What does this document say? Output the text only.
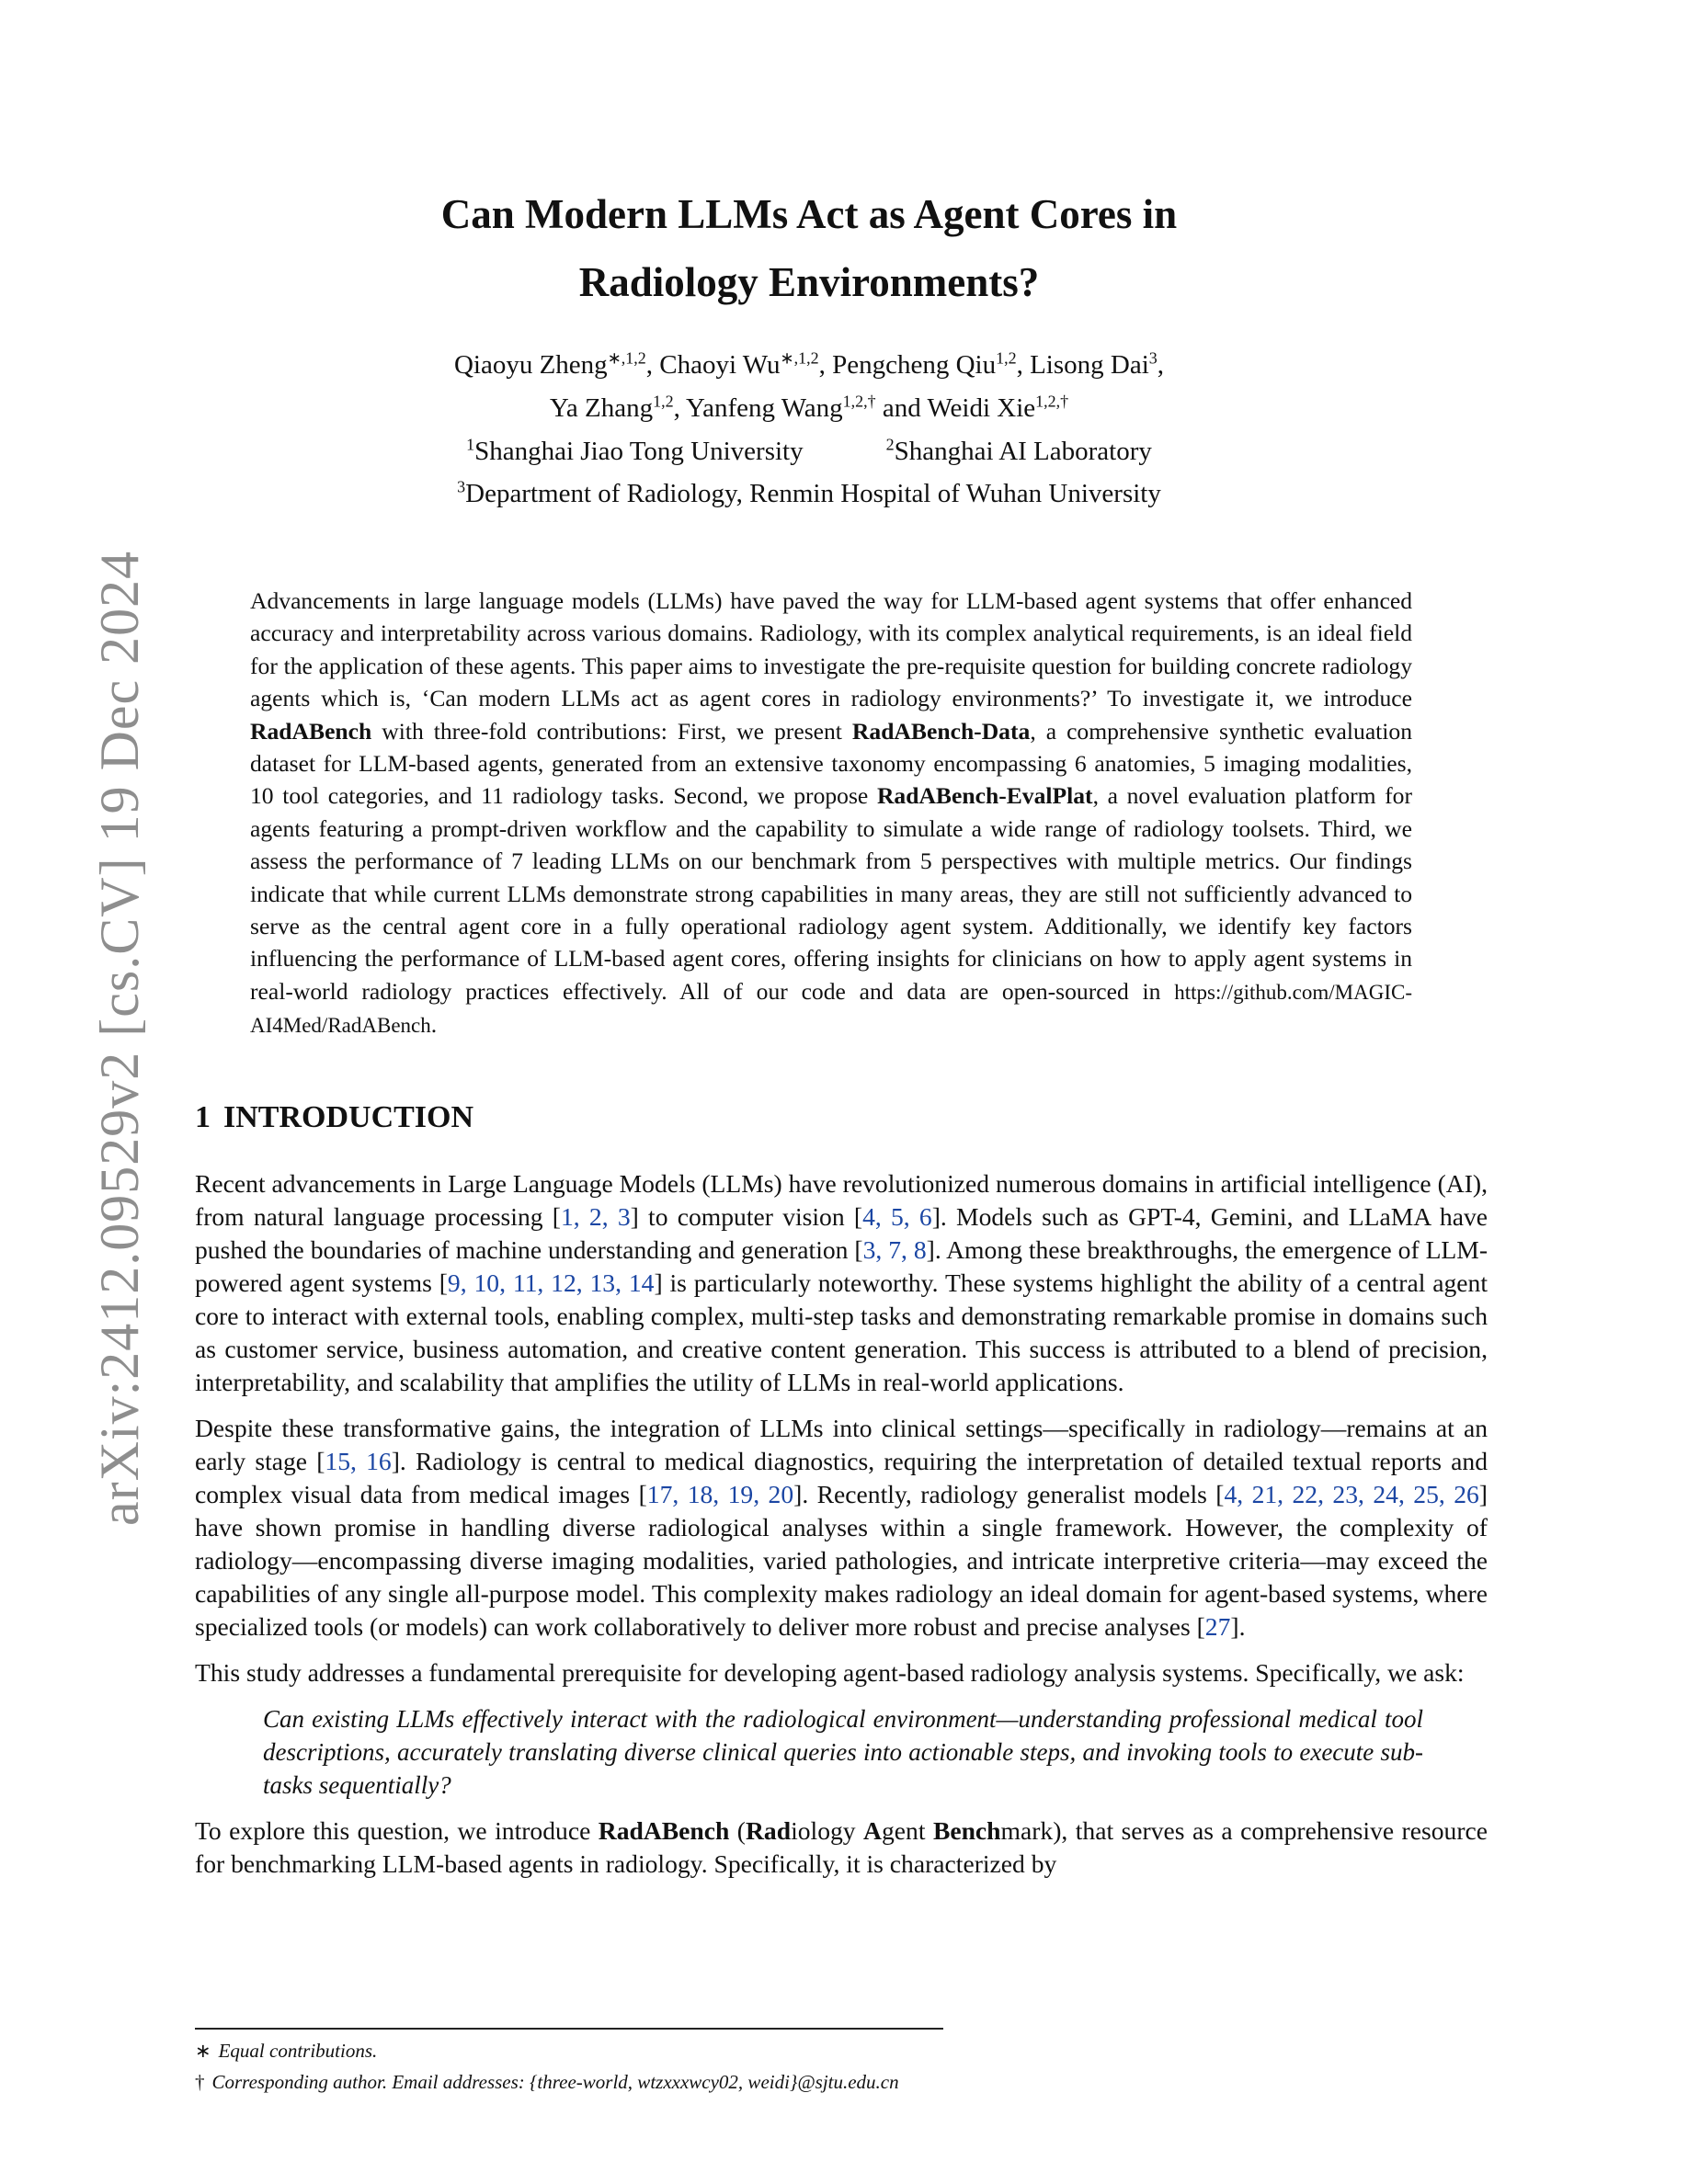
arXiv:2412.09529v2 [cs.CV] 19 Dec 2024
Can Modern LLMs Act as Agent Cores in
Radiology Environments?
Qiaoyu Zheng$^{∗,1,2}$, Chaoyi $Wu^{∗,1,2}$, Pengcheng Qiu$^{1,2}$, Lisong Dai$^3$,
Ya Zhang$^{1,2}$, Yanfeng Wang$^{1,2,\dagger}$ and Weidi Xie$^{1,2,\dagger}$
$^1$Shanghai Jiao Tong University	$^2$Shanghai AI Laboratory
$^3$Department of Radiology, Renmin Hospital of Wuhan University
Advancements in large language models (LLMs) have paved the way for LLM-based agent systems that offer enhanced accuracy and interpretability across various domains. Radiology, with its complex analytical requirements, is an ideal field for the application of these agents. This paper aims to investigate the pre-requisite question for building concrete radiology agents which is, ‘Can modern LLMs act as agent cores in radiology environments?’ To investigate it, we introduce RadABench with three-fold contributions: First, we present RadABench-Data, a comprehensive synthetic evaluation dataset for LLM-based agents, generated from an extensive taxonomy encompassing 6 anatomies, 5 imaging modalities, 10 tool categories, and 11 radiology tasks. Second, we propose RadABench-EvalPlat, a novel evaluation platform for agents featuring a prompt-driven workflow and the capability to simulate a wide range of radiology toolsets. Third, we assess the performance of 7 leading LLMs on our benchmark from 5 perspectives with multiple metrics. Our findings indicate that while current LLMs demonstrate strong capabilities in many areas, they are still not sufficiently advanced to serve as the central agent core in a fully operational radiology agent system. Additionally, we identify key factors influencing the performance of LLM-based agent cores, offering insights for clinicians on how to apply agent systems in real-world radiology practices effectively. All of our code and data are open-sourced in https://github.com/MAGIC-AI4Med/RadABench.
1 INTRODUCTION

Recent advancements in Large Language Models (LLMs) have revolutionized numerous domains in artificial intelligence (AI), from natural language processing [1, 2, 3] to computer vision [4, 5, 6]. Models such as GPT-4, Gemini, and LLaMA have pushed the boundaries of machine understanding and generation [3, 7, 8]. Among these breakthroughs, the emergence of LLM-powered agent systems [9, 10, 11, 12, 13, 14] is particularly noteworthy. These systems highlight the ability of a central agent core to interact with external tools, enabling complex, multi-step tasks and demonstrating remarkable promise in domains such as customer service, business automation, and creative content generation. This success is attributed to a blend of precision, interpretability, and scalability that amplifies the utility of LLMs in real-world applications.

Despite these transformative gains, the integration of LLMs into clinical settings—specifically in radiology—remains at an early stage [15, 16]. Radiology is central to medical diagnostics, requiring the interpretation of detailed textual reports and complex visual data from medical images [17, 18, 19, 20]. Recently, radiology generalist models [4, 21, 22, 23, 24, 25, 26] have shown promise in handling diverse radiological analyses within a single framework. However, the complexity of radiology—encompassing diverse imaging modalities, varied pathologies, and intricate interpretive criteria—may exceed the capabilities of any single all-purpose model. This complexity makes radiology an ideal domain for agent-based systems, where specialized tools (or models) can work collaboratively to deliver more robust and precise analyses [27].

This study addresses a fundamental prerequisite for developing agent-based radiology analysis systems. Specifically, we ask:

Can existing LLMs effectively interact with the radiological environment—understanding professional medical tool descriptions, accurately translating diverse clinical queries into actionable steps, and invoking tools to execute sub-tasks sequentially?

To explore this question, we introduce RadABench (Radiology Agent Benchmark), that serves as a comprehensive resource for benchmarking LLM-based agents in radiology. Specifically, it is characterized by

∗ Equal contributions.
† Corresponding author. Email addresses: {three-world, wtzxxxwcy02, weidi}@sjtu.edu.cn
